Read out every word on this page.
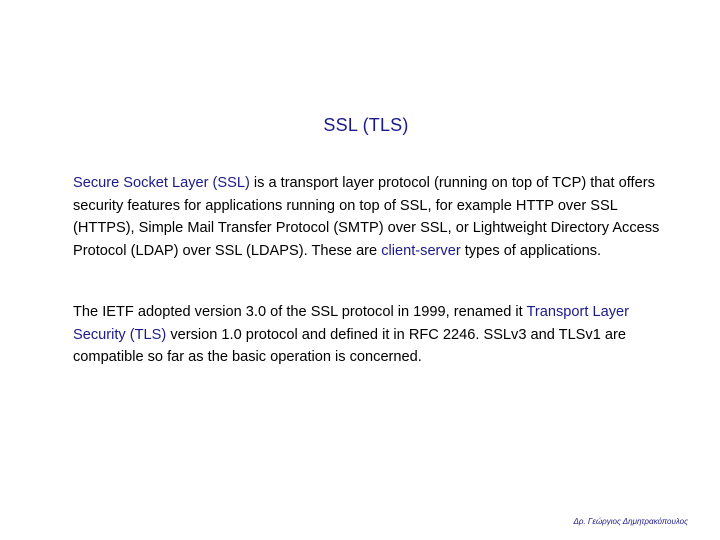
SSL (TLS)
Secure Socket Layer (SSL) is a transport layer protocol (running on top of TCP) that offers security features for applications running on top of SSL, for example HTTP over SSL (HTTPS), Simple Mail Transfer Protocol (SMTP) over SSL, or Lightweight Directory Access Protocol (LDAP) over SSL (LDAPS). These are client-server types of applications.
The IETF adopted version 3.0 of the SSL protocol in 1999, renamed it Transport Layer Security (TLS) version 1.0 protocol and defined it in RFC 2246. SSLv3 and TLSv1 are compatible so far as the basic operation is concerned.
Δρ. Γεώργιος Δημητρακόπουλος
